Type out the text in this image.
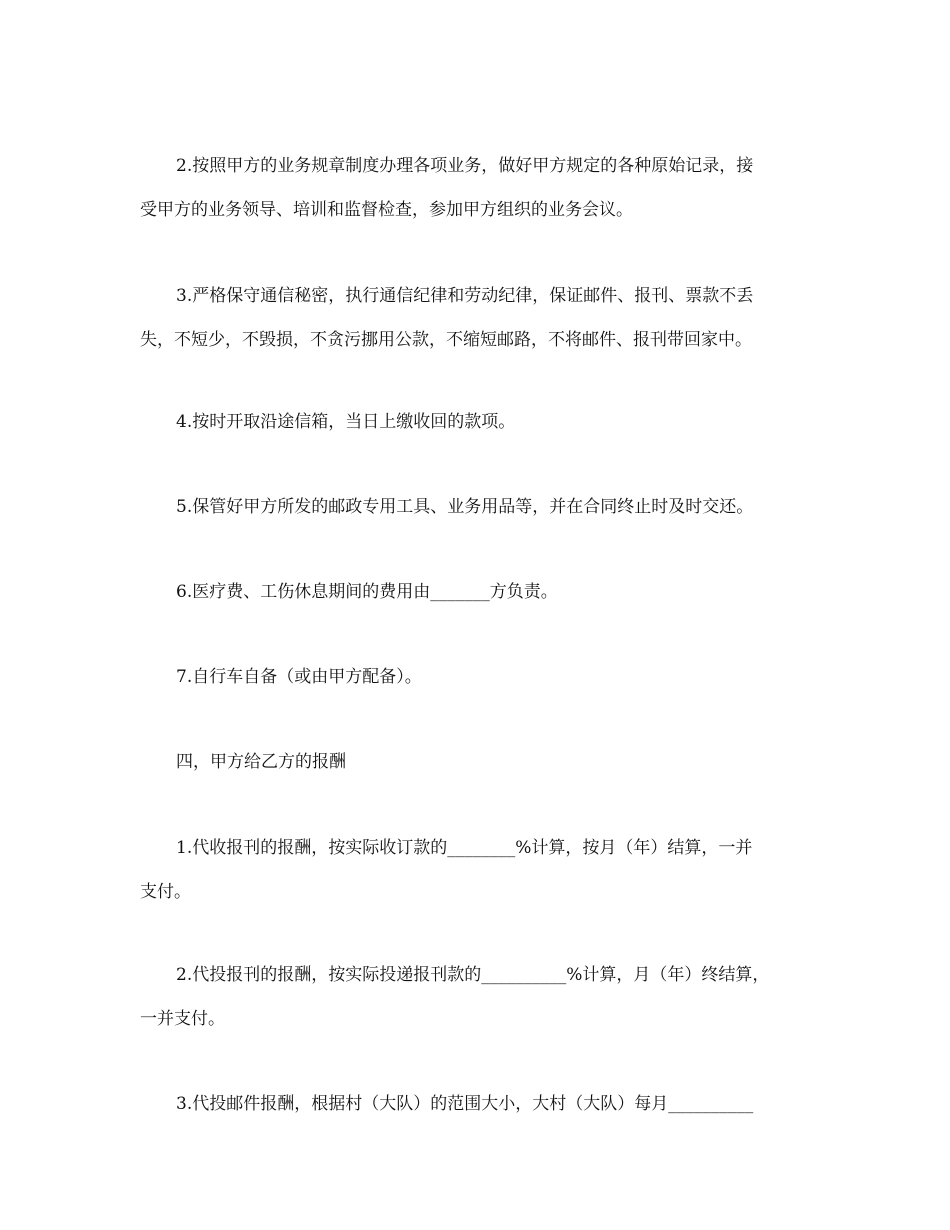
2.按照甲方的业务规章制度办理各项业务，做好甲方规定的各种原始记录，接
受甲方的业务领导、培训和监督检查，参加甲方组织的业务会议。

3.严格保守通信秘密，执行通信纪律和劳动纪律，保证邮件、报刊、票款不丢
失，不短少，不毁损，不贪污挪用公款，不缩短邮路，不将邮件、报刊带回家中。

4.按时开取沿途信箱，当日上缴收回的款项。

5.保管好甲方所发的邮政专用工具、业务用品等，并在合同终止时及时交还。

6.医疗费、工伤休息期间的费用由_______方负责。

7.自行车自备（或由甲方配备）。

四，甲方给乙方的报酬

1.代收报刊的报酬，按实际收订款的________%计算，按月（年）结算，一并
支付。

2.代投报刊的报酬，按实际投递报刊款的__________%计算，月（年）终结算，
一并支付。

3.代投邮件报酬，根据村（大队）的范围大小，大村（大队）每月__________
